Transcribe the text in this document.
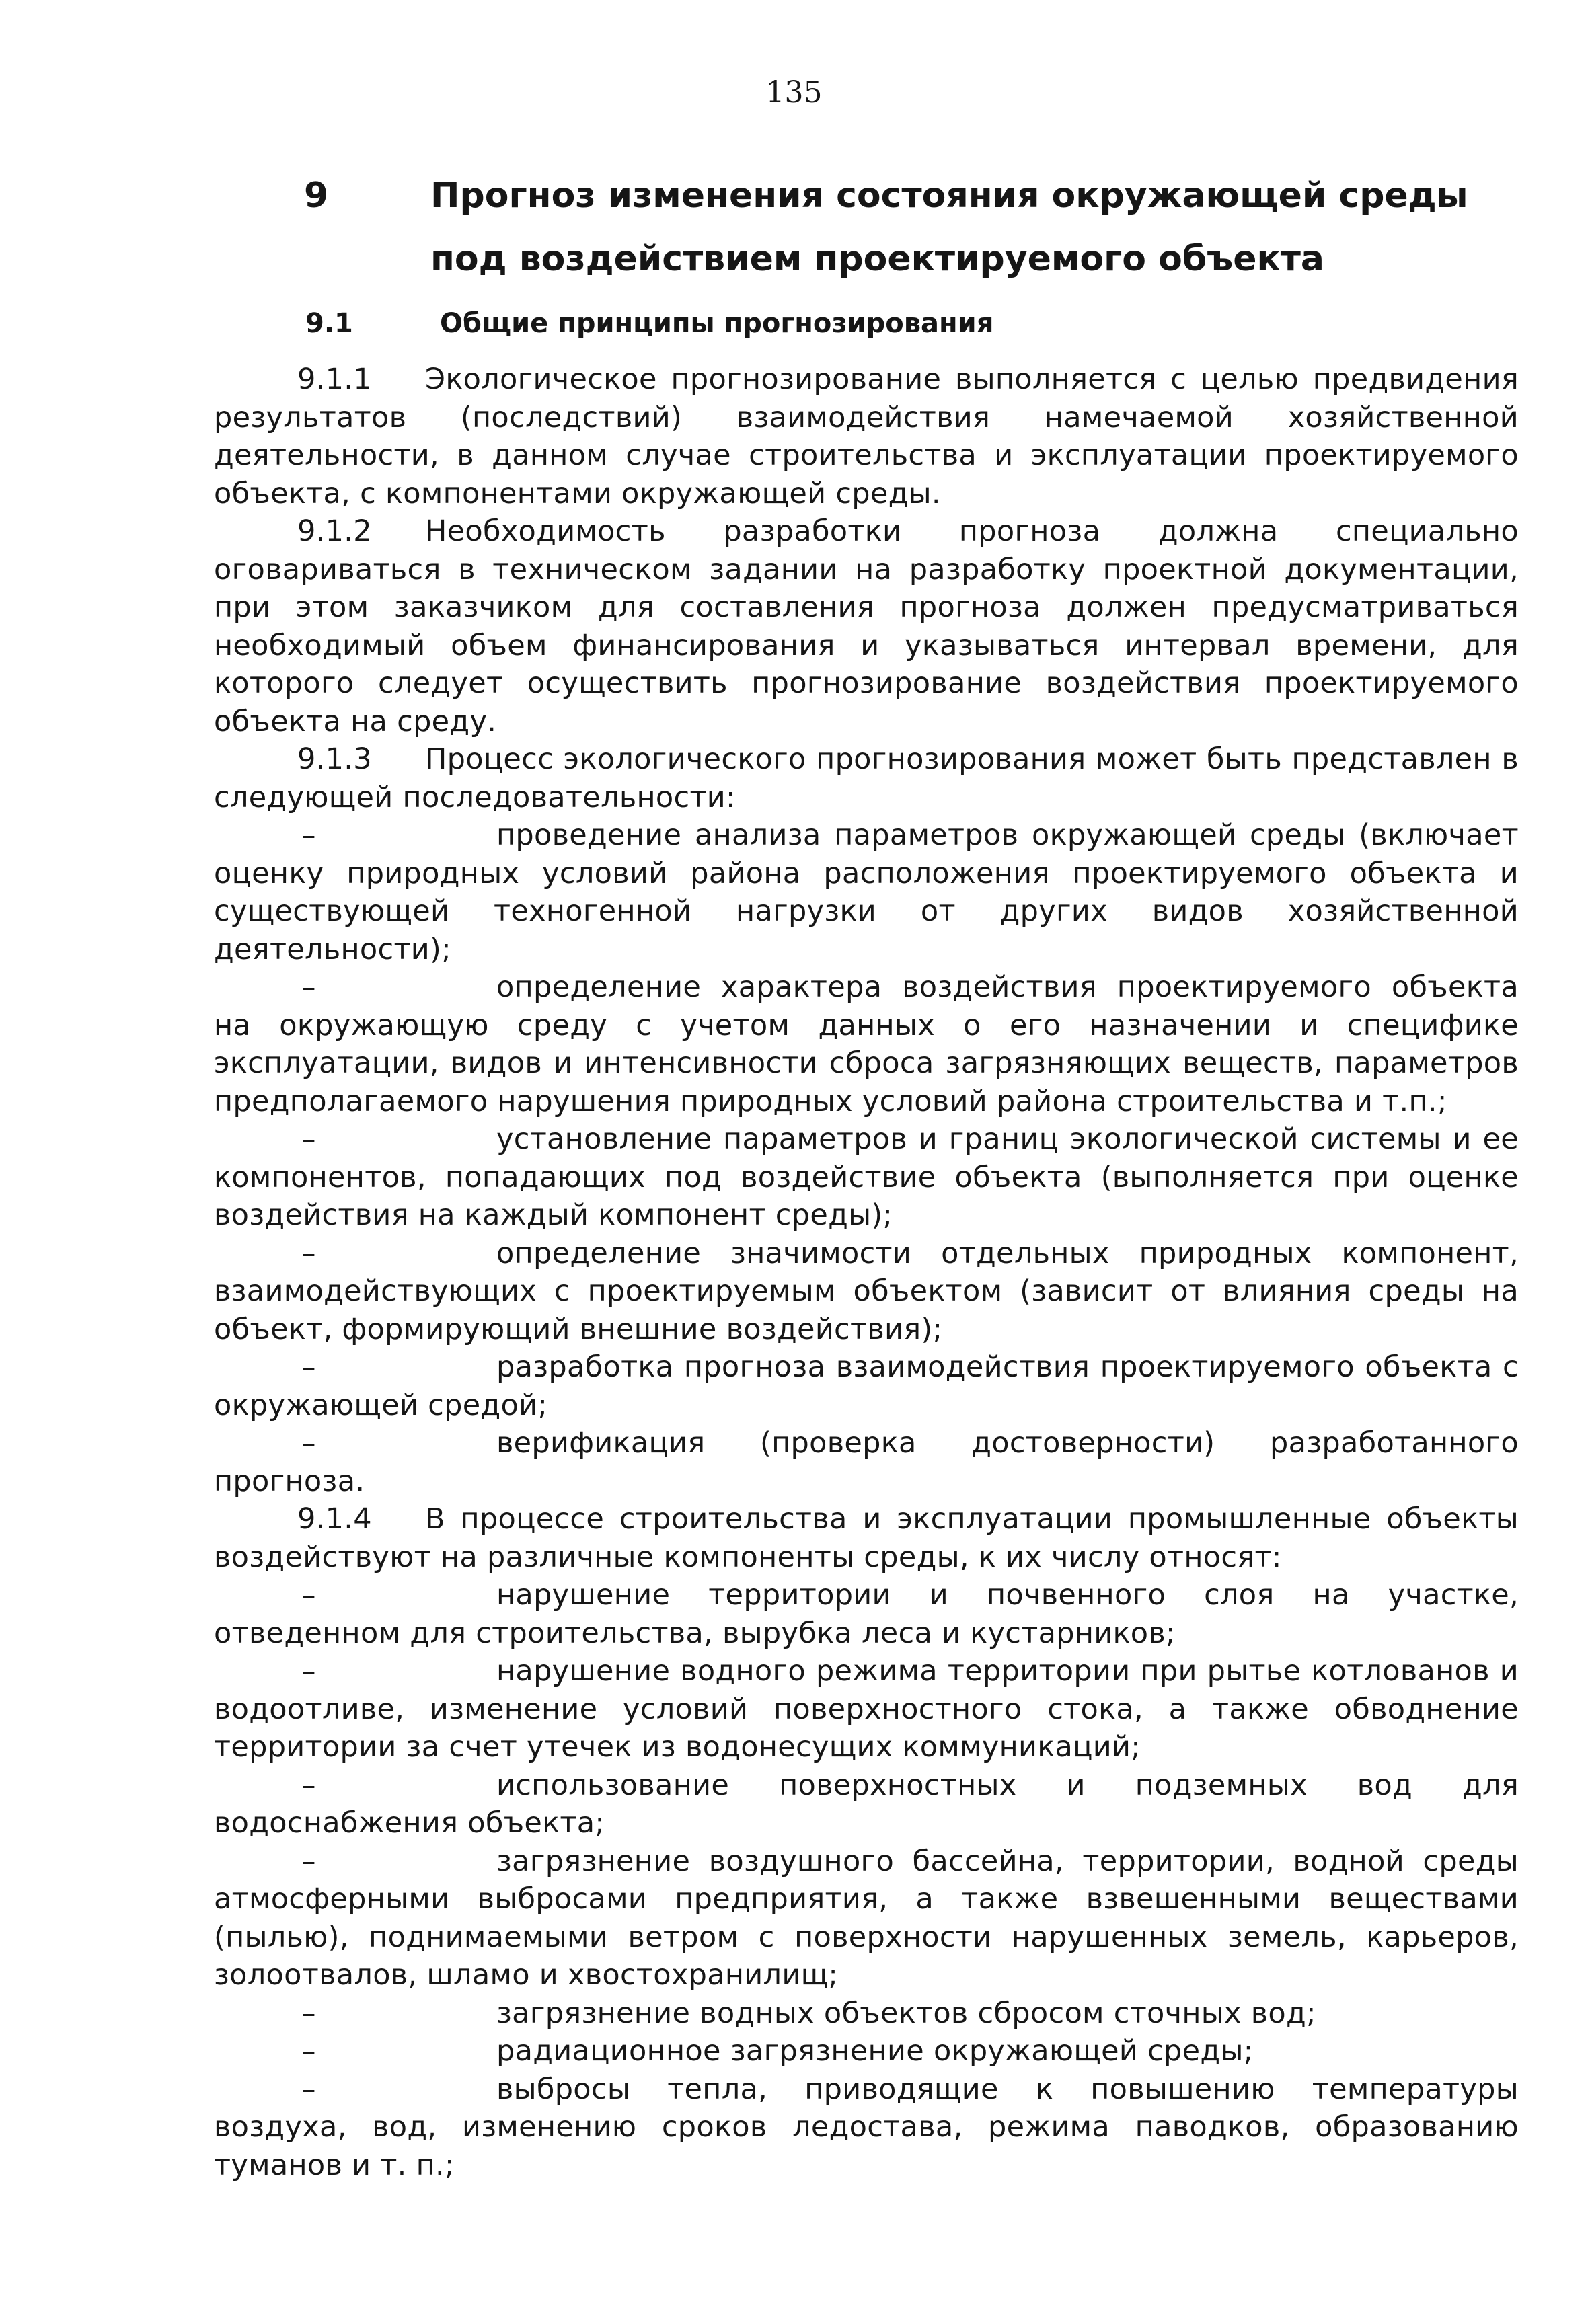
135
9	Прогноз изменения состояния окружающей среды под воздействием проектируемого объекта
9.1	Общие принципы прогнозирования

9.1.1 Экологическое прогнозирование выполняется с целью предвидения результатов (последствий) взаимодействия намечаемой хозяйственной деятельности, в данном случае строительства и эксплуатации проектируемого объекта, с компонентами окружающей среды.

9.1.2 Необходимость разработки прогноза должна специально оговариваться в техническом задании на разработку проектной документации, при этом заказчиком для составления прогноза должен предусматриваться необходимый объем финансирования и указываться интервал времени, для которого следует осуществить прогнозирование воздействия проектируемого объекта на среду.

9.1.3 Процесс экологического прогнозирования может быть представлен в следующей последовательности:

–	проведение анализа параметров окружающей среды (включает оценку природных условий района расположения проектируемого объекта и существующей техногенной нагрузки от других видов хозяйственной деятельности);

–	определение характера воздействия проектируемого объекта на окружающую среду с учетом данных о его назначении и специфике эксплуатации, видов и интенсивности сброса загрязняющих веществ, параметров предполагаемого нарушения природных условий района строительства и т.п.;

–	установление параметров и границ экологической системы и ее компонентов, попадающих под воздействие объекта (выполняется при оценке воздействия на каждый компонент среды);

–	определение значимости отдельных природных компонент, взаимодействующих с проектируемым объектом (зависит от влияния среды на объект, формирующий внешние воздействия);

–	разработка прогноза взаимодействия проектируемого объекта с окружающей средой;

–	верификация (проверка достоверности) разработанного прогноза.

9.1.4 В процессе строительства и эксплуатации промышленные объекты воздействуют на различные компоненты среды, к их числу относят:

–	нарушение территории и почвенного слоя на участке, отведенном для строительства, вырубка леса и кустарников;

–	нарушение водного режима территории при рытье котлованов и водоотливе, изменение условий поверхностного стока, а также обводнение территории за счет утечек из водонесущих коммуникаций;

–	использование поверхностных и подземных вод для водоснабжения объекта;

–	загрязнение воздушного бассейна, территории, водной среды атмосферными выбросами предприятия, а также взвешенными веществами (пылью), поднимаемыми ветром с поверхности нарушенных земель, карьеров, золоотвалов, шламо и хвостохранилищ;

–	загрязнение водных объектов сбросом сточных вод;

–	радиационное загрязнение окружающей среды;

–	выбросы тепла, приводящие к повышению температуры воздуха, вод, изменению сроков ледостава, режима паводков, образованию туманов и т. п.;
